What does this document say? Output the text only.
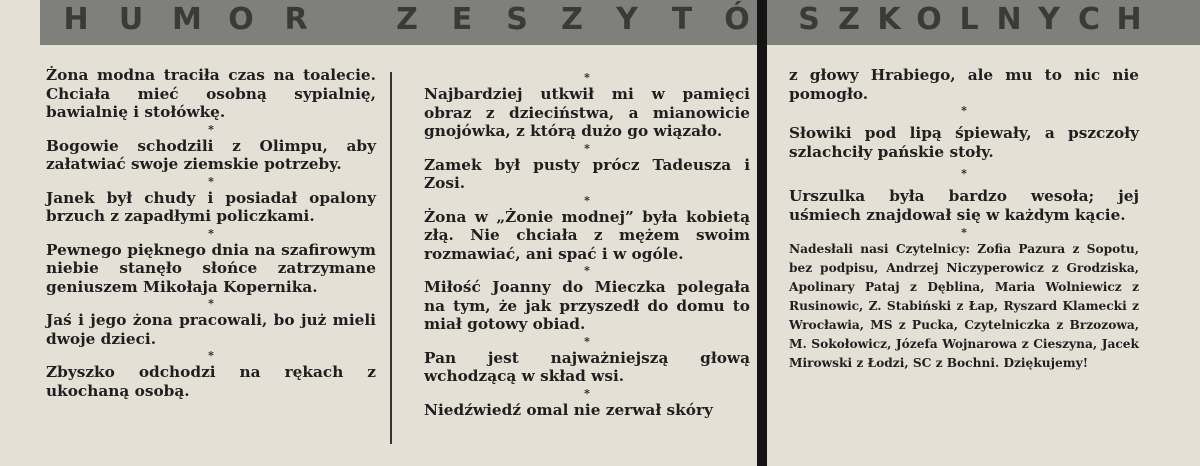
H U M O R	Z E S Z Y T Ó

Żona modna traciła czas na toalecie. Chciała mieć osobną sypialnię, bawialnię i stołówkę.

*

Bogowie schodzili z Olimpu, aby załatwiać swoje ziemskie potrzeby.

*

Janek był chudy i posiadał opalony brzuch z zapadłymi policzkami.

*

Pewnego pięknego dnia na szafirowym niebie stanęło słońce zatrzymane geniuszem Mikołaja Kopernika.

*

Jaś i jego żona pracowali, bo już mieli dwoje dzieci.

*

Zbyszko odchodzi na rękach z ukochaną osobą.

*

Najbardziej utkwił mi w pamięci obraz z dzieciństwa, a mianowicie gnojówka, z którą dużo go wiązało.

*

Zamek był pusty prócz Tadeusza i Zosi.

*

Żona w „Żonie modnej” była kobietą złą. Nie chciała z mężem swoim rozmawiać, ani spać i w ogóle.

*

Miłość Joanny do Mieczka polegała na tym, że jak przyszedł do domu to miał gotowy obiad.

*

Pan jest najważniejszą głową wchodzącą w skład wsi.

*

Niedźwiedź omal nie zerwał skóry

S Z K O L N Y C H

z głowy Hrabiego, ale mu to nic nie pomogło.

*

Słowiki pod lipą śpiewały, a pszczoły szlachciły pańskie stoły.

*

Urszulka była bardzo wesoła; jej uśmiech znajdował się w każdym kącie.

*

Nadesłali nasi Czytelnicy: Zofia Pazura z Sopotu, bez podpisu, Andrzej Niczyperowicz z Grodziska, Apolinary Pataj z Dęblina, Maria Wolniewicz z Rusinowic, Z. Stabiński z Łap, Ryszard Klamecki z Wrocławia, MS z Pucka, Czytelniczka z Brzozowa, M. Sokołowicz, Józefa Wojnarowa z Cieszyna, Jacek Mirowski z Łodzi, SC z Bochni. Dziękujemy!
